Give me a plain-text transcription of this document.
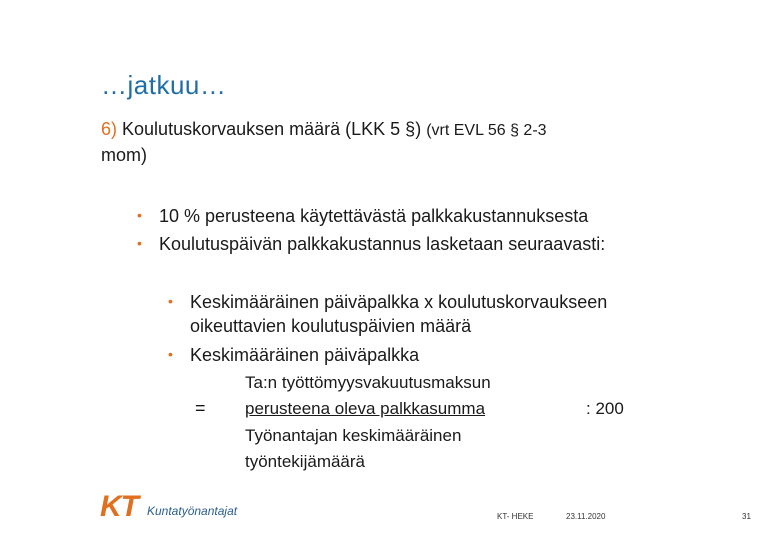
…jatkuu…
6) Koulutuskorvauksen määrä (LKK 5 §) (vrt EVL 56 § 2-3
mom)
• 10 % perusteena käytettävästä palkkakustannuksesta
• Koulutuspäivän palkkakustannus lasketaan seuraavasti:
• Keskimääräinen päiväpalkka x koulutuskorvaukseen
oikeuttavien koulutuspäivien määrä
• Keskimääräinen päiväpalkka
=
Ta:n työttömyysvakuutusmaksun
perusteena oleva palkkasumma	: 200
Työnantajan keskimääräinen
työntekijämäärä
KT Kuntatyönantajat	KT- HEKE	23.11.2020	31
